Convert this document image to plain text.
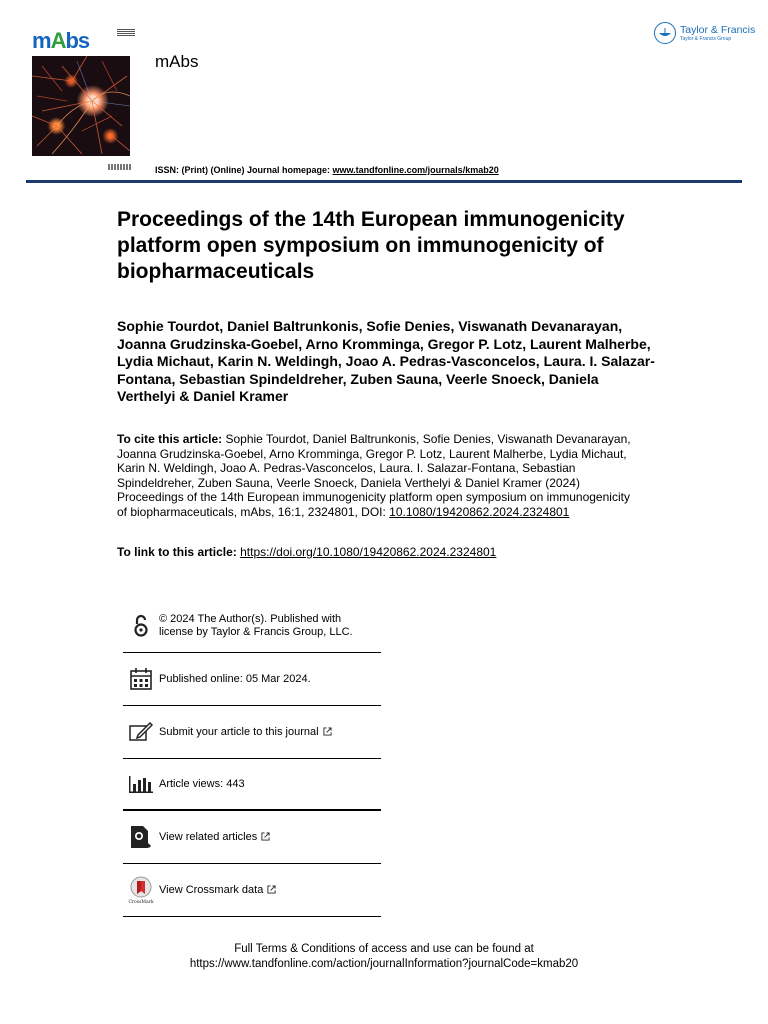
mAbs
mAbs
Taylor & Francis
Taylor & Francis Group
ISSN: (Print) (Online) Journal homepage: www.tandfonline.com/journals/kmab20
Proceedings of the 14th European immunogenicity platform open symposium on immunogenicity of biopharmaceuticals
Sophie Tourdot, Daniel Baltrunkonis, Sofie Denies, Viswanath Devanarayan, Joanna Grudzinska-Goebel, Arno Kromminga, Gregor P. Lotz, Laurent Malherbe, Lydia Michaut, Karin N. Weldingh, Joao A. Pedras-Vasconcelos, Laura. I. Salazar-Fontana, Sebastian Spindeldreher, Zuben Sauna, Veerle Snoeck, Daniela Verthelyi & Daniel Kramer
To cite this article: Sophie Tourdot, Daniel Baltrunkonis, Sofie Denies, Viswanath Devanarayan, Joanna Grudzinska-Goebel, Arno Kromminga, Gregor P. Lotz, Laurent Malherbe, Lydia Michaut, Karin N. Weldingh, Joao A. Pedras-Vasconcelos, Laura. I. Salazar-Fontana, Sebastian Spindeldreher, Zuben Sauna, Veerle Snoeck, Daniela Verthelyi & Daniel Kramer (2024) Proceedings of the 14th European immunogenicity platform open symposium on immunogenicity of biopharmaceuticals, mAbs, 16:1, 2324801, DOI: 10.1080/19420862.2024.2324801
To link to this article: https://doi.org/10.1080/19420862.2024.2324801
© 2024 The Author(s). Published with
license by Taylor & Francis Group, LLC.
Published online: 05 Mar 2024.
Submit your article to this journal
Article views: 443
View related articles
CrossMark
View Crossmark data
Full Terms & Conditions of access and use can be found at
https://www.tandfonline.com/action/journalInformation?journalCode=kmab20
